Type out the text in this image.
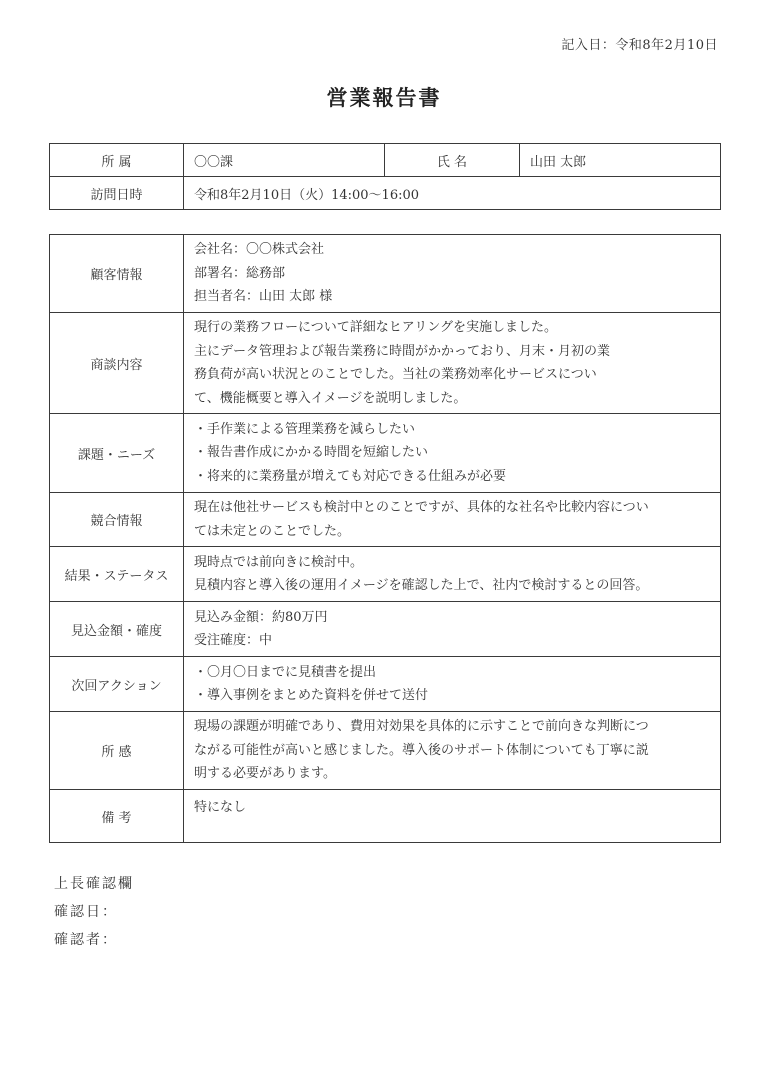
記入日：令和8年2月10日
営業報告書
所 属	〇〇課	氏 名	山田 太郎
訪問日時	令和8年2月10日（火）14:00〜16:00		
顧客情報	会社名：〇〇株式会社
部署名：総務部
担当者名：山田 太郎 様

商談内容	現行の業務フローについて詳細なヒアリングを実施しました。
主にデータ管理および報告業務に時間がかかっており、月末・月初の業
務負荷が高い状況とのことでした。当社の業務効率化サービスについ
て、機能概要と導入イメージを説明しました。

課題・ニーズ	・手作業による管理業務を減らしたい
・報告書作成にかかる時間を短縮したい
・将来的に業務量が増えても対応できる仕組みが必要

競合情報	現在は他社サービスも検討中とのことですが、具体的な社名や比較内容につい
ては未定とのことでした。

結果・ステータス	現時点では前向きに検討中。
見積内容と導入後の運用イメージを確認した上で、社内で検討するとの回答。

見込金額・確度	見込み金額：約80万円
受注確度：中

次回アクション	・〇月〇日までに見積書を提出
・導入事例をまとめた資料を併せて送付

所 感	現場の課題が明確であり、費用対効果を具体的に示すことで前向きな判断につ
ながる可能性が高いと感じました。導入後のサポート体制についても丁寧に説
明する必要があります。

備 考	特になし
上長確認欄
確認日：
確認者：
